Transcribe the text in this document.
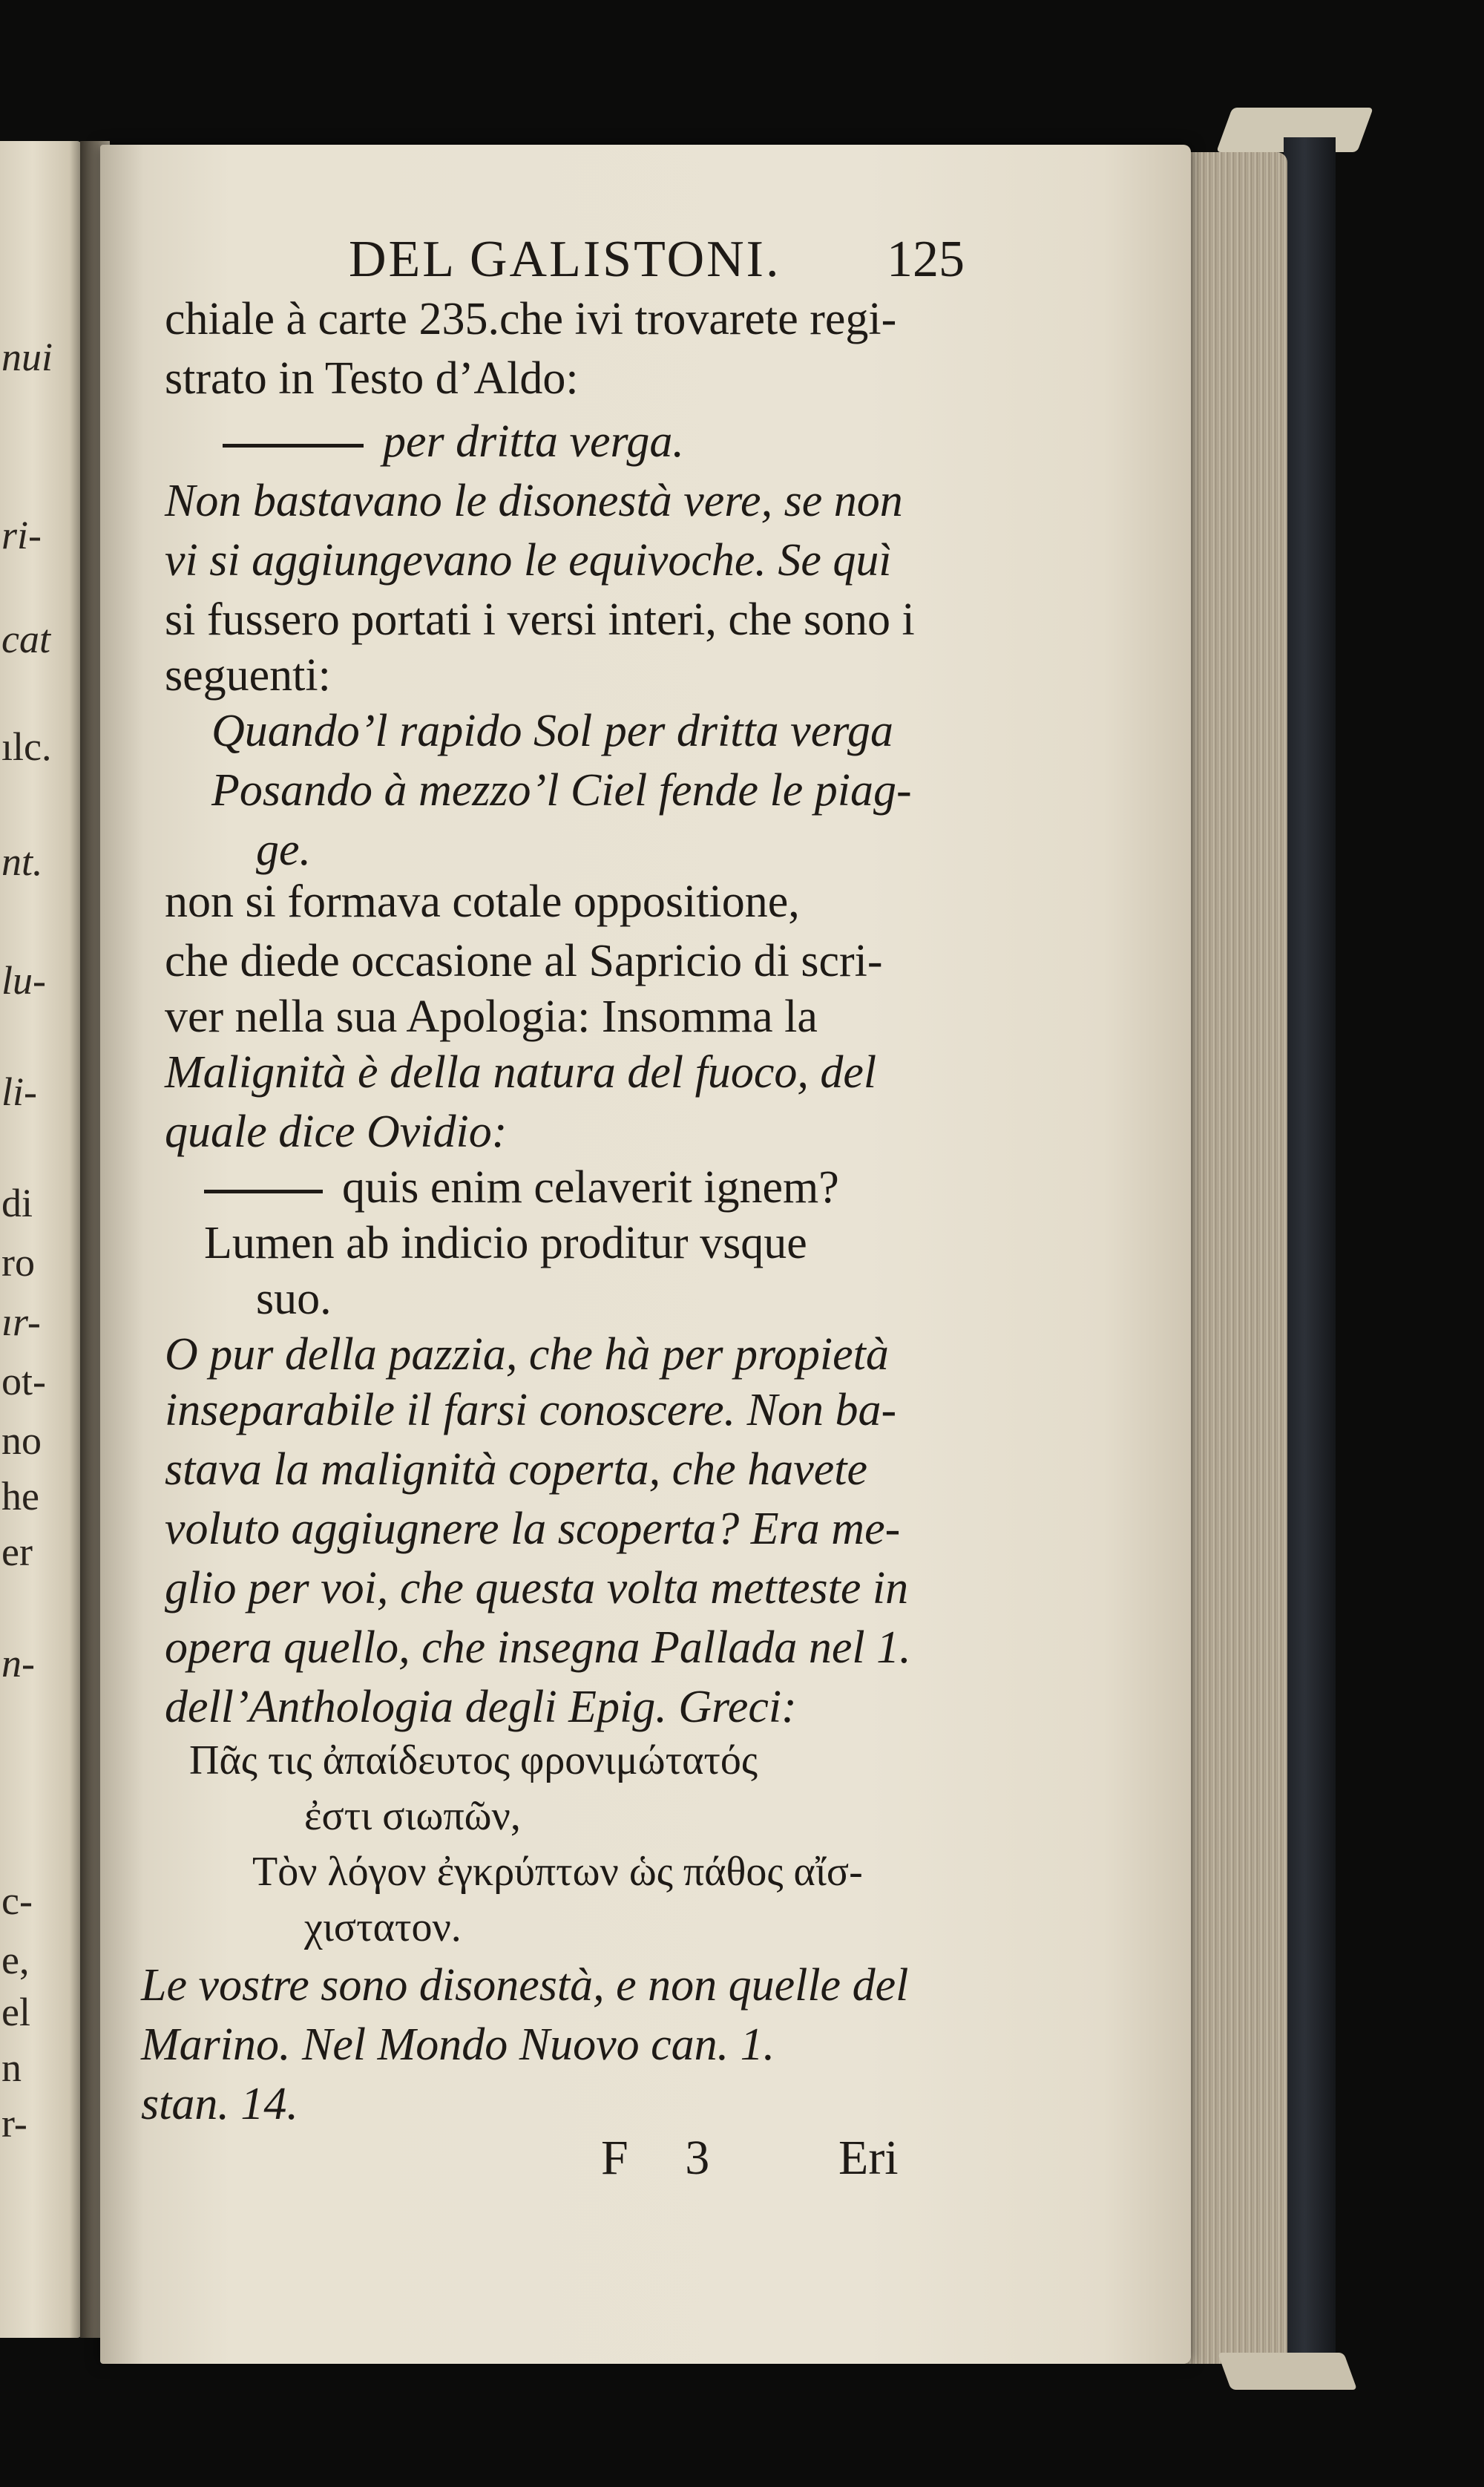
nui
ri-
cat
ılc.
nt.
lu-
li-
di
ro
ır-
ot-
no
he
er
n-
c-
e,
el
n
r-
DEL GALISTONI. 125
chiale à carte 235.che ivi trovarete regi-
strato in Testo d’Aldo:
per dritta verga.
Non bastavano le disonestà vere, se non
vi si aggiungevano le equivoche. Se quì
si fussero portati i versi interi, che sono i
seguenti:
Quando’l rapido Sol per dritta verga
Posando à mezzo’l Ciel fende le piag-
ge.
non si formava cotale oppositione,
che diede occasione al Sapricio di scri-
ver nella sua Apologia: Insomma la
Malignità è della natura del fuoco, del
quale dice Ovidio:
quis enim celaverit ignem?
Lumen ab indicio proditur vsque
suo.
O pur della pazzia, che hà per propietà
inseparabile il farsi conoscere. Non ba-
stava la malignità coperta, che havete
voluto aggiugnere la scoperta? Era me-
glio per voi, che questa volta metteste in
opera quello, che insegna Pallada nel 1.
dell’Anthologia degli Epig. Greci:
Πᾶς τις ἀπαίδευτος φρονιμώτατός
ἐστι σιωπῶν,
Τὸν λόγον ἐγκρύπτων ὡς πάθος αἴσ-
χιστατον.
Le vostre sono disonestà, e non quelle del
Marino. Nel Mondo Nuovo can. 1.
stan. 14.
F 3	Eri
